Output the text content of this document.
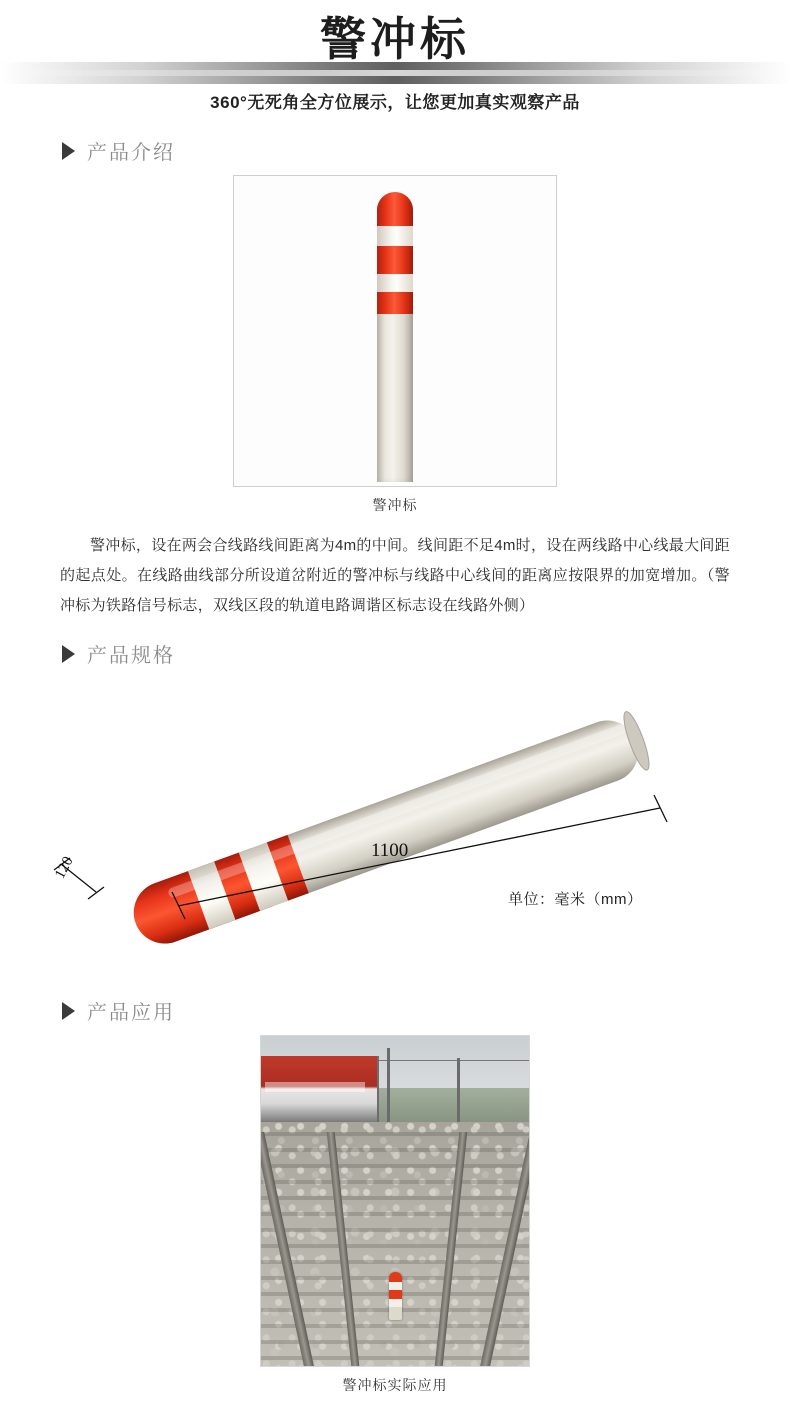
警冲标
360°无死角全方位展示，让您更加真实观察产品
产品介绍
警冲标

警冲标，设在两会合线路线间距离为4m的中间。线间距不足4m时，设在两线路中心线最大间距的起点处。在线路曲线部分所设道岔附近的警冲标与线路中心线间的距离应按限界的加宽增加。（警冲标为铁路信号标志，双线区段的轨道电路调谐区标志设在线路外侧）

产品规格
1100
120
单位：毫米（mm）
产品应用
警冲标实际应用
